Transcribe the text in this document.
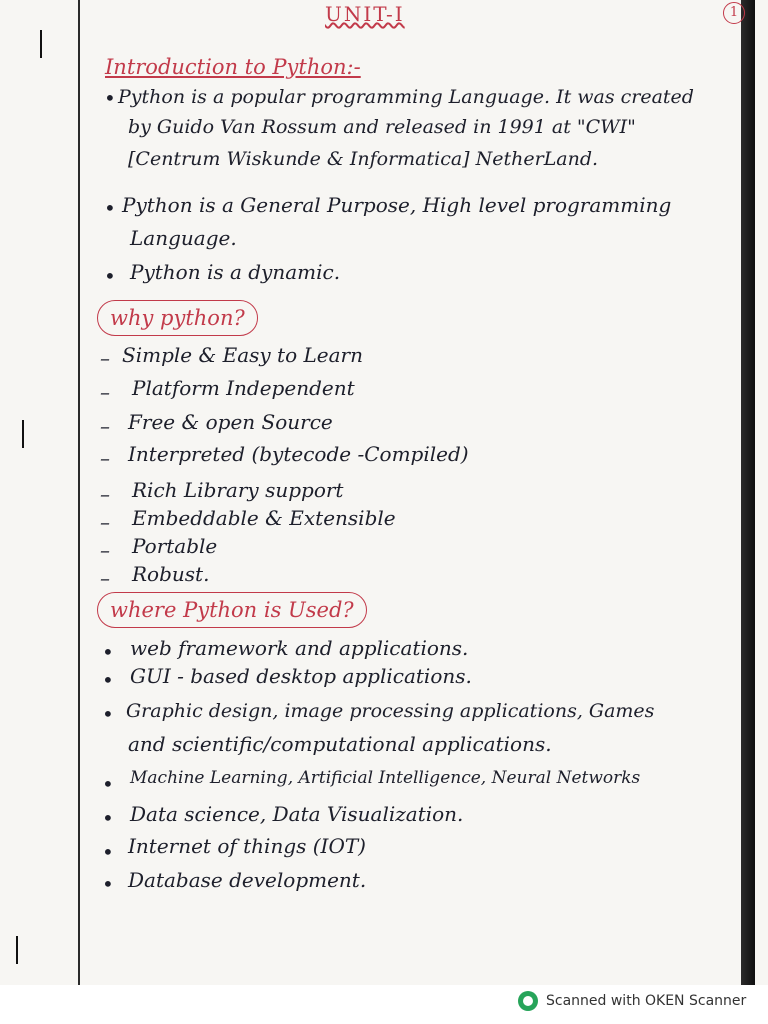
UNIT-I	1
Introduction to Python:-
• Python is a popular programming Language. It was created
by Guido Van Rossum and released in 1991 at "CWI"
[Centrum Wiskunde & Informatica] NetherLand.
• Python is a General Purpose, High level programming
Language.
• Python is a dynamic.
why python?
– Simple & Easy to Learn
– Platform Independent
– Free & open Source
– Interpreted (bytecode -Compiled)
– Rich Library support
– Embeddable & Extensible
– Portable
– Robust.
where Python is Used?
• web framework and applications.
• GUI - based desktop applications.
• Graphic design, image processing applications, Games
and scientific/computational applications.
• Machine Learning, Artificial Intelligence, Neural Networks
• Data science, Data Visualization.
• Internet of things (IOT)
• Database development.
Scanned with OKEN Scanner
